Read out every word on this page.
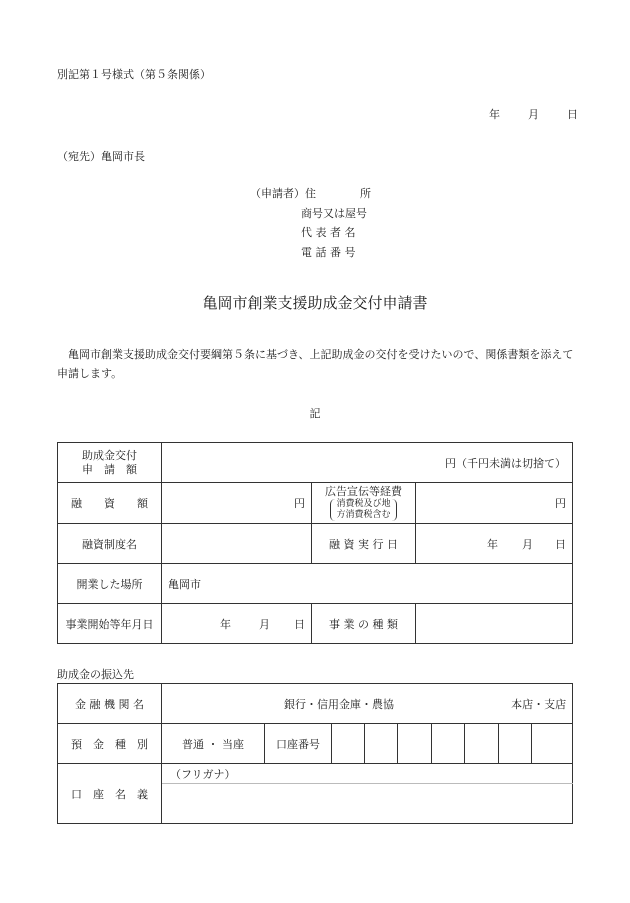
別記第１号様式（第５条関係）
年	月	日
（宛先）亀岡市長
（申請者）住　　　　所
商号又は屋号
代 表 者 名
電 話 番 号
亀岡市創業支援助成金交付申請書
亀岡市創業支援助成金交付要綱第５条に基づき、上記助成金の交付を受けたいので、関係書類を添えて申請します。
記
助成金交付
申　請　額	円（千円未満は切捨て）		
融　　資　　額	円	広告宣伝等経費
消費税及び地
方消費税含む	円
融資制度名		融 資 実 行 日	年 月 日
開業した場所	亀岡市		
事業開始等年月日	年 月 日	事 業 の 種 類	
助成金の振込先
金 融 機 関 名	銀行・信用金庫・農協 本店・支店								

預　金　種　別	普通 ・ 当座	口座番号							
口　座　名　義	（フリガナ）								
